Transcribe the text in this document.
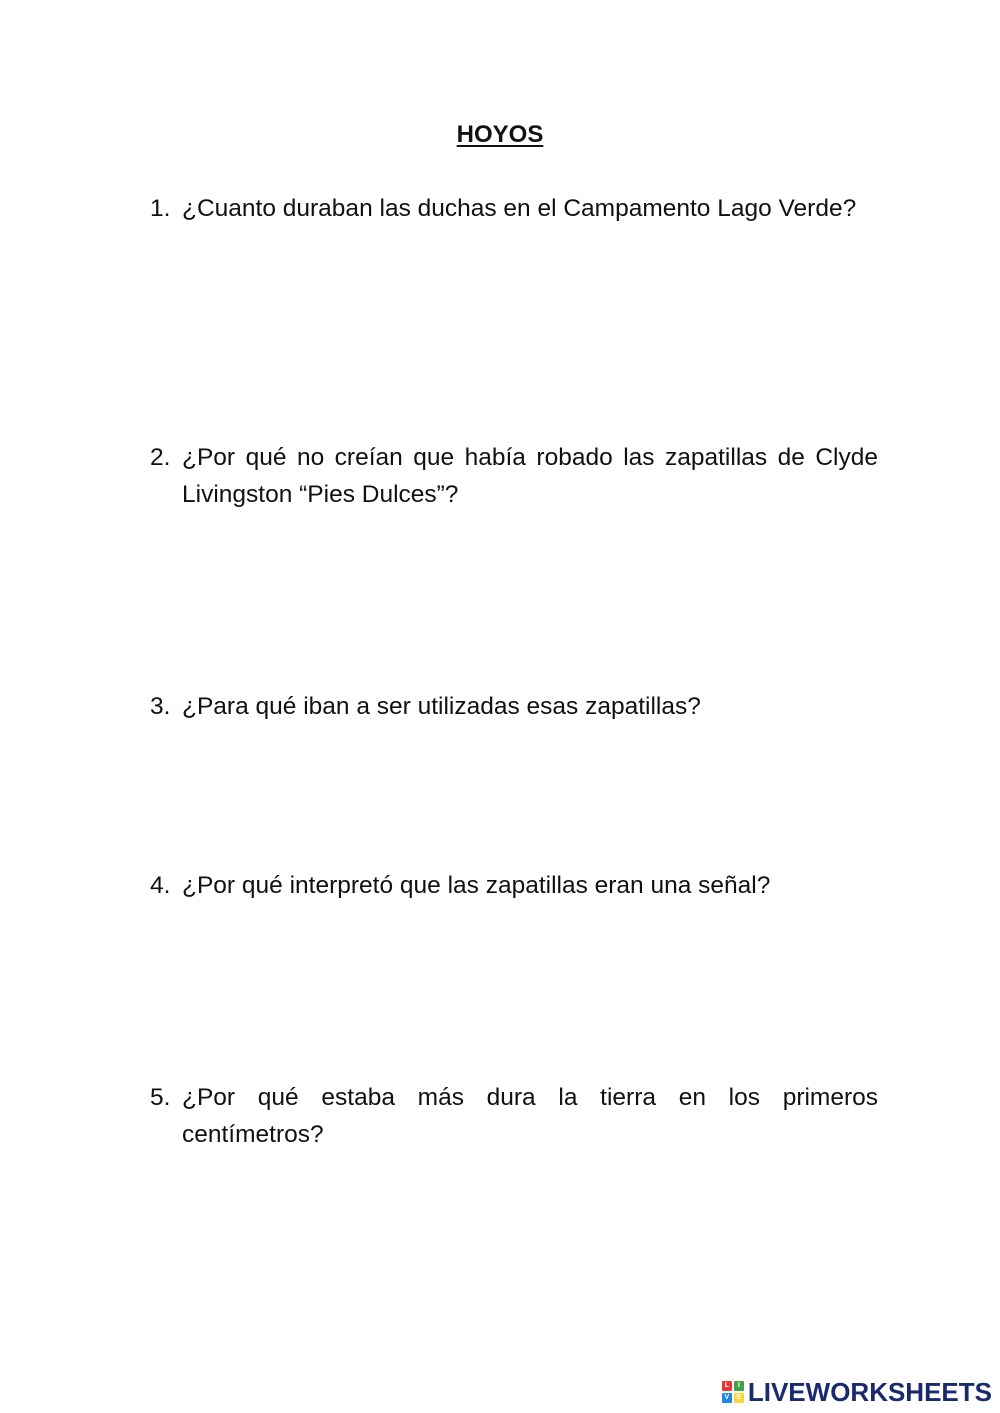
HOYOS
1. ¿Cuanto duraban las duchas en el Campamento Lago Verde?
2. ¿Por qué no creían que había robado las zapatillas de Clyde Livingston “Pies Dulces”?
3. ¿Para qué iban a ser utilizadas esas zapatillas?
4. ¿Por qué interpretó que las zapatillas eran una señal?
5. ¿Por qué estaba más dura la tierra en los primeros centímetros?
L	I
V	E LIVEWORKSHEETS
